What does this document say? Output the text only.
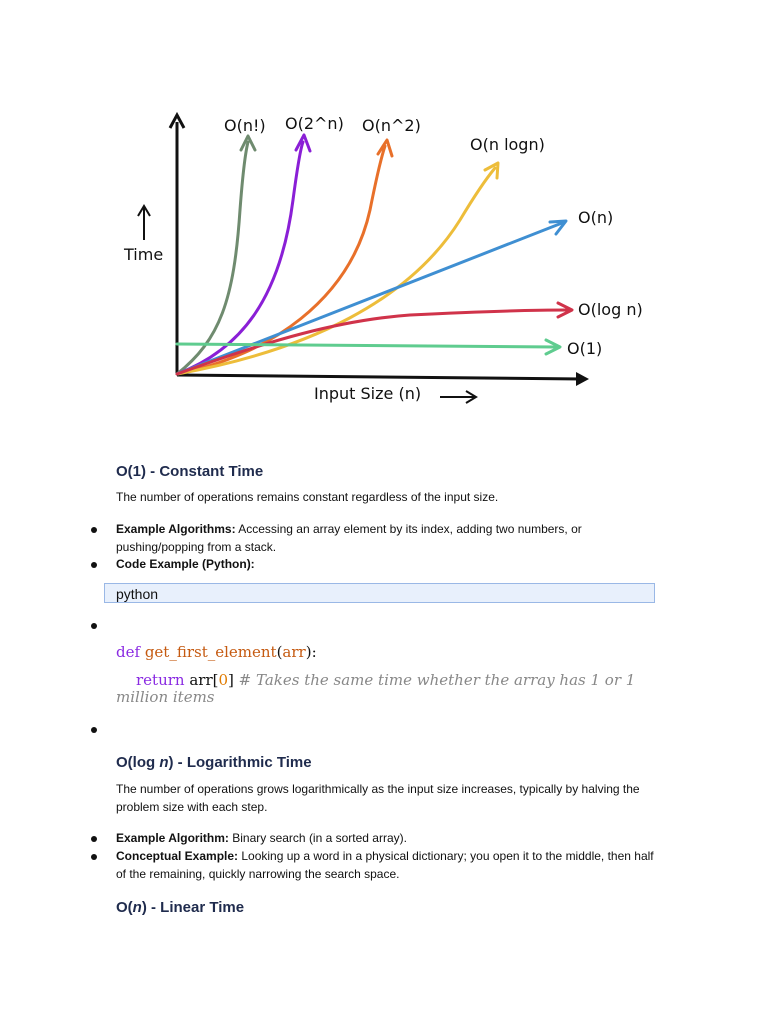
Time
Input Size (n)
O(n!) O(2^n) O(n^2)
O(n logn)
O(n)
O(log n)
O(1)
O(1) - Constant Time
The number of operations remains constant regardless of the input size.
Example Algorithms: Accessing an array element by its index, adding two numbers, or pushing/popping from a stack.
Code Example (Python):
python
def get_first_element(arr):
return arr[0] # Takes the same time whether the array has 1 or 1 million items
O(log n) - Logarithmic Time
The number of operations grows logarithmically as the input size increases, typically by halving the problem size with each step.
Example Algorithm: Binary search (in a sorted array).
Conceptual Example: Looking up a word in a physical dictionary; you open it to the middle, then half of the remaining, quickly narrowing the search space.
O(n) - Linear Time
